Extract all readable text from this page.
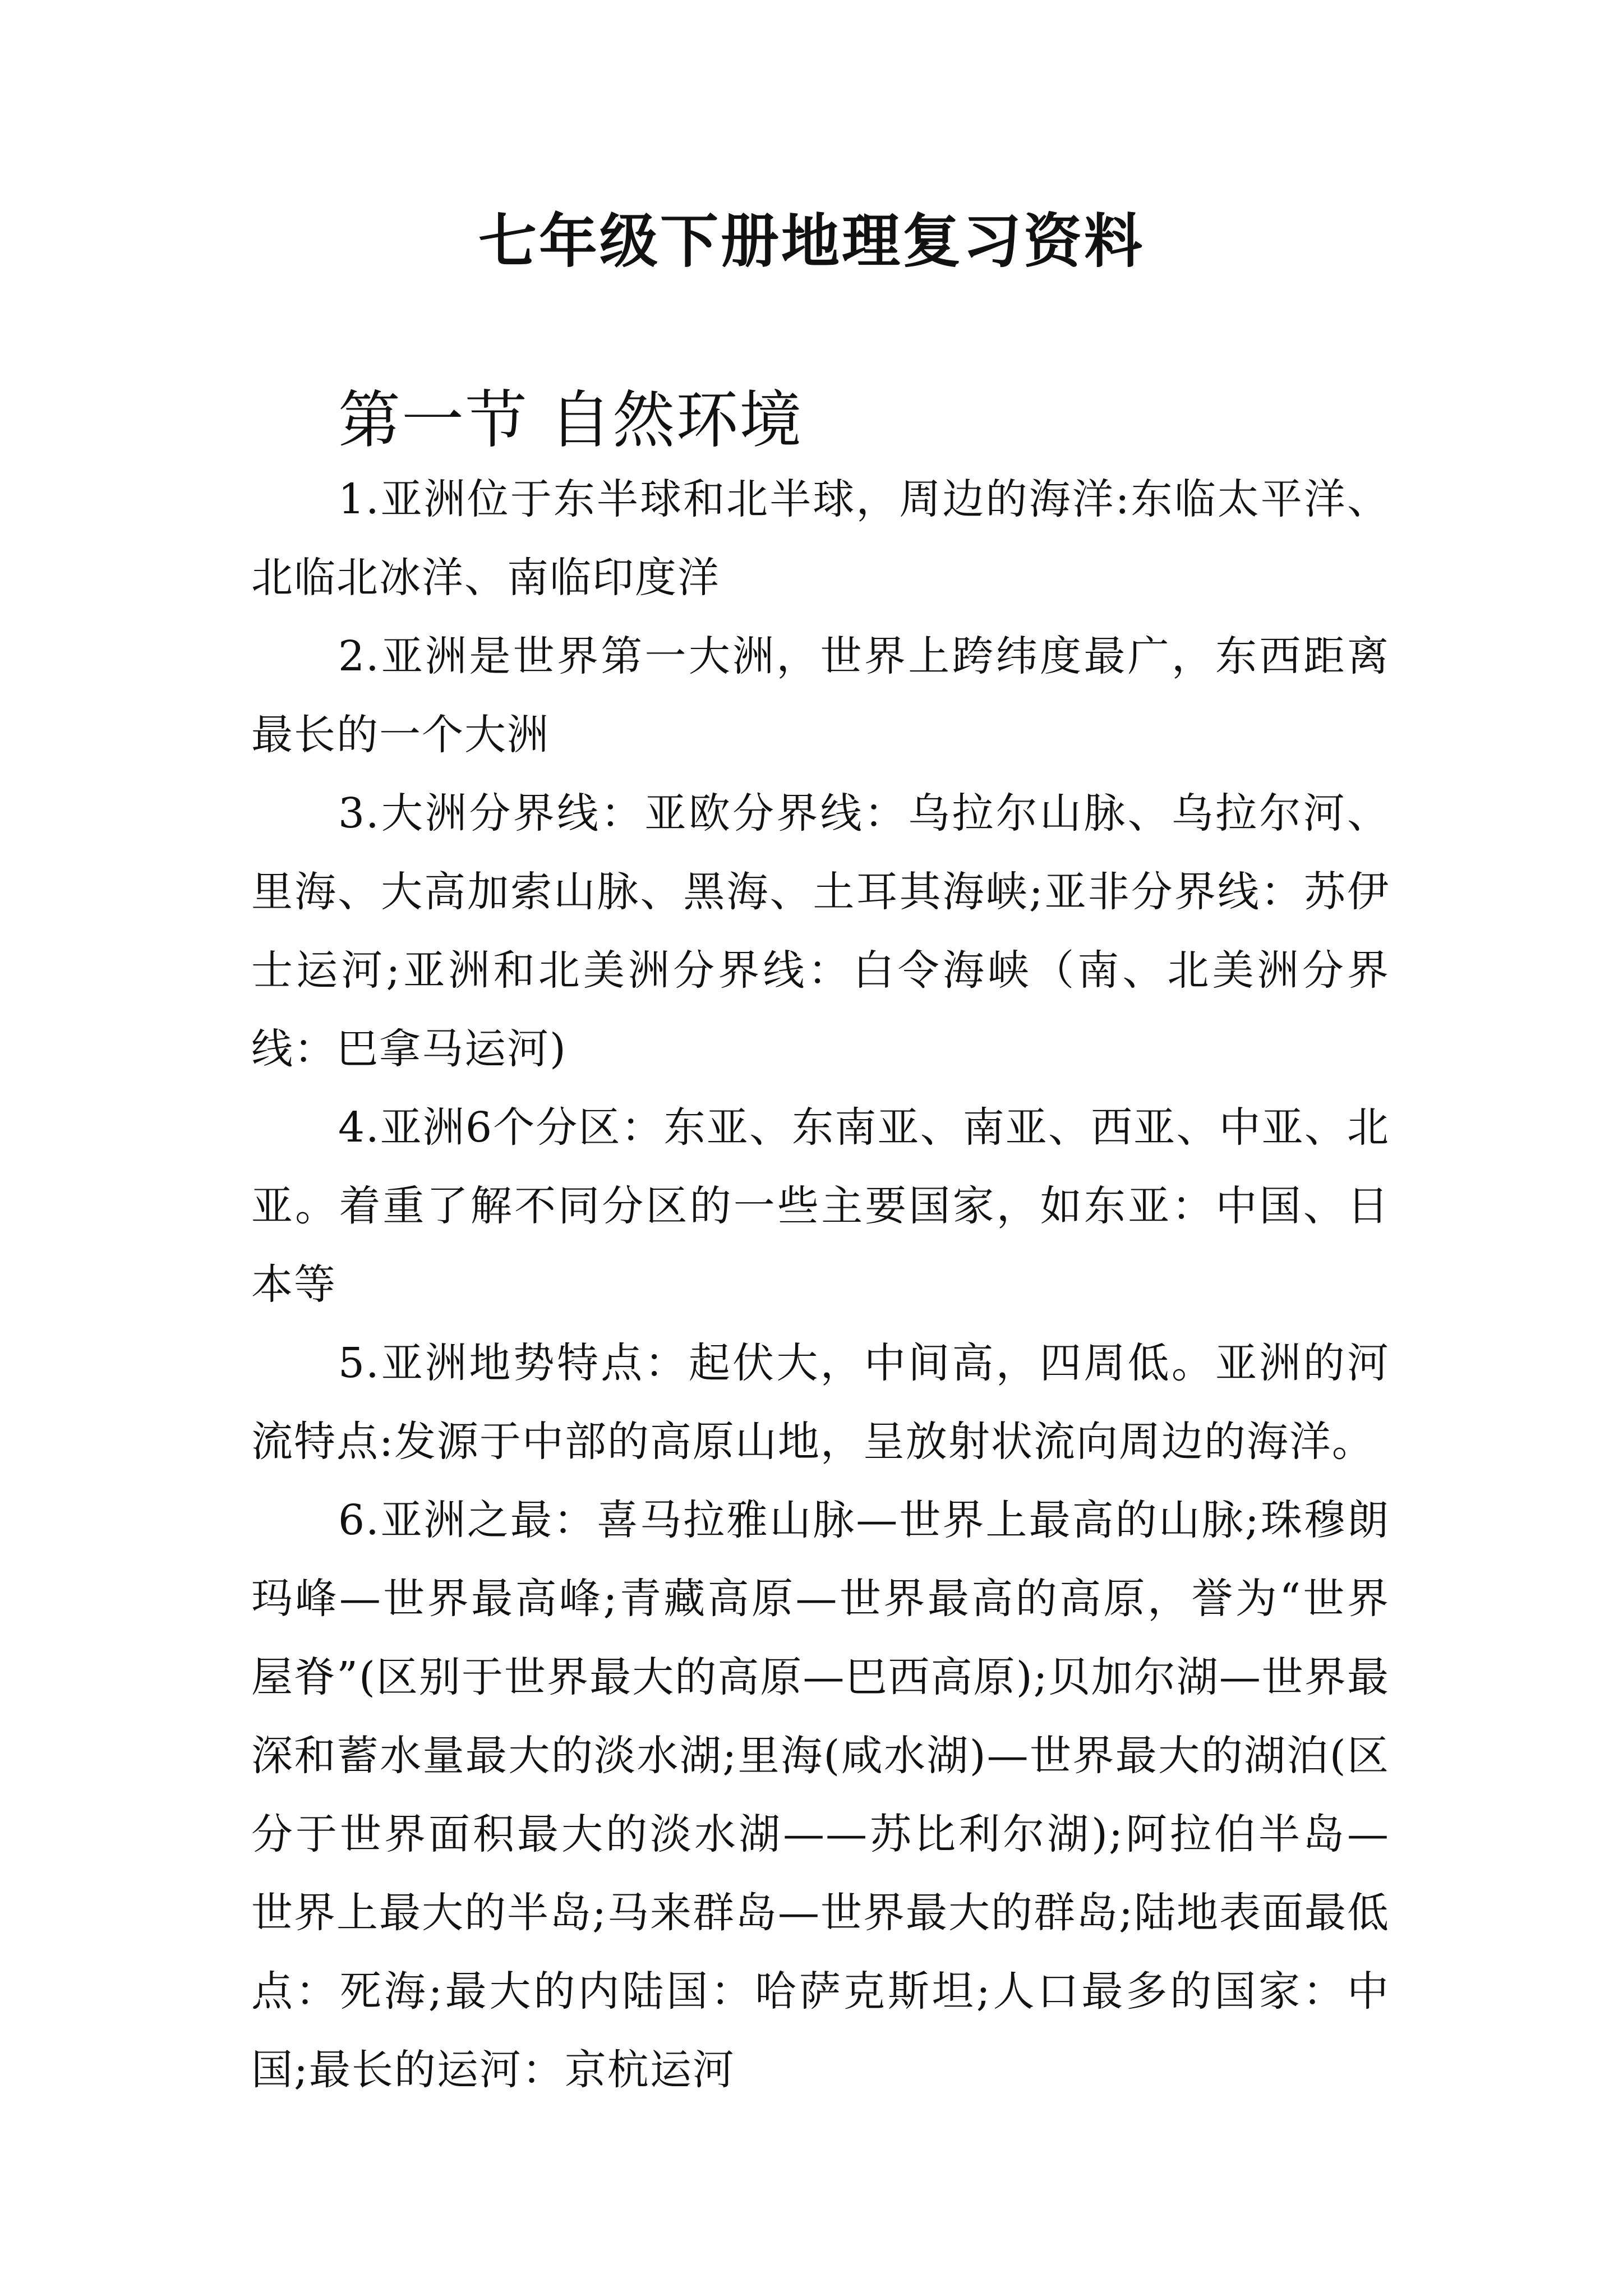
七年级下册地理复习资料
第一节 自然环境

1.亚洲位于东半球和北半球，周边的海洋:东临太平洋、北临北冰洋、南临印度洋

2.亚洲是世界第一大洲，世界上跨纬度最广，东西距离最长的一个大洲

3.大洲分界线：亚欧分界线：乌拉尔山脉、乌拉尔河、里海、大高加索山脉、黑海、土耳其海峡;亚非分界线：苏伊士运河;亚洲和北美洲分界线：白令海峡（南、北美洲分界线：巴拿马运河)

4.亚洲6个分区：东亚、东南亚、南亚、西亚、中亚、北亚。着重了解不同分区的一些主要国家，如东亚：中国、日本等

5.亚洲地势特点：起伏大，中间高，四周低。亚洲的河流特点:发源于中部的高原山地，呈放射状流向周边的海洋。

6.亚洲之最：喜马拉雅山脉—世界上最高的山脉;珠穆朗玛峰—世界最高峰;青藏高原—世界最高的高原，誉为“世界屋脊”(区别于世界最大的高原—巴西高原);贝加尔湖—世界最深和蓄水量最大的淡水湖;里海(咸水湖)—世界最大的湖泊(区分于世界面积最大的淡水湖——苏比利尔湖);阿拉伯半岛—世界上最大的半岛;马来群岛—世界最大的群岛;陆地表面最低点：死海;最大的内陆国：哈萨克斯坦;人口最多的国家：中国;最长的运河：京杭运河
